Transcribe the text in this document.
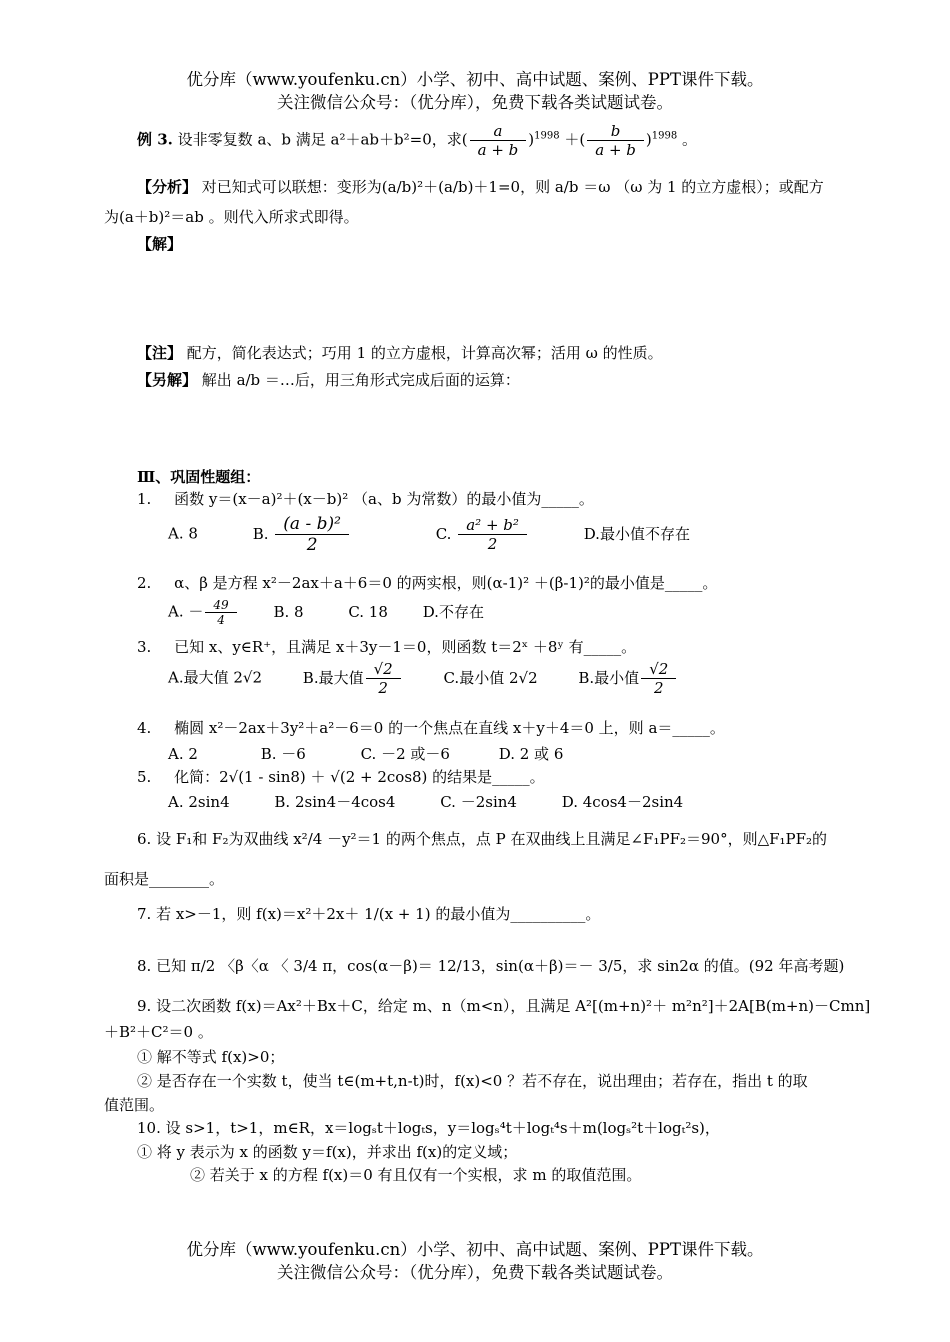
优分库（www.youfenku.cn）小学、初中、高中试题、案例、PPT课件下载。
关注微信公众号：（优分库），免费下载各类试题试卷。
例 3. 设非零复数 a、b 满足 a²＋ab＋b²=0，求( $\frac{a}{a + b} )^{1998}$ ＋( $\frac{b}{a + b} )^{1998}$ 。
【分析】 对已知式可以联想：变形为(a/b)²＋(a/b)＋1=0，则 a/b ＝ω （ω 为 1 的立方虚根）；或配方
为(a＋b)²＝ab 。则代入所求式即得。
【解】
【注】 配方，简化表达式；巧用 1 的立方虚根，计算高次幂；活用 ω 的性质。
【另解】 解出 a/b ＝…后，用三角形式完成后面的运算：
Ⅲ、巩固性题组：
1. 函数 y＝(x－a)²＋(x－b)² （a、b 为常数）的最小值为_____。
A. 8	B. $\frac{\text{(a - b)²}}{2}$	C. $\frac{\text{a² + b²}}{2}$	D.最小值不存在
2. α、β 是方程 x²－2ax＋a＋6＝0 的两实根，则(α-1)² ＋(β-1)²的最小值是_____。
A. － $\frac{49}{4} B$. 8	C. 18 D.不存在
3. 已知 x、y∈R⁺，且满足 x＋3y－1＝0，则函数 t＝2ˣ ＋8ʸ 有_____。
A.最大值 2√2	B.最大值 $\frac{√2}{2}$	C.最小值 2√2	B.最小值 $\frac{√2}{2}$
4. 椭圆 x²－2ax＋3y²＋a²－6＝0 的一个焦点在直线 x＋y＋4＝0 上，则 a＝_____。
A. 2	B. －6	C. －2 或－6	D. 2 或 6
5. 化简：2√(1 - sin8) ＋ √(2 + 2cos8) 的结果是_____。
A. 2sin4	B. 2sin4－4cos4	C. －2sin4	D. 4cos4－2sin4
6. 设 F₁和 F₂为双曲线 x²/4 －y²＝1 的两个焦点，点 P 在双曲线上且满足∠F₁PF₂＝90°，则△F₁PF₂的
面积是________。
7. 若 x>－1，则 f(x)＝x²＋2x＋ 1/(x + 1) 的最小值为__________。
8. 已知 π/2 〈β〈α 〈 3/4 π，cos(α－β)＝ 12/13，sin(α＋β)＝－ 3/5，求 sin2α 的值。(92 年高考题)
9. 设二次函数 f(x)＝Ax²＋Bx＋C，给定 m、n（m<n），且满足 A²[(m+n)²＋ m²n²]＋2A[B(m+n)－Cmn]
＋B²＋C²＝0 。
① 解不等式 f(x)>0；
② 是否存在一个实数 t，使当 t∈(m+t,n-t)时，f(x)<0 ？若不存在，说出理由；若存在，指出 t 的取
值范围。
10. 设 s>1，t>1，m∈R，x＝logₛt＋logₜs，y＝logₛ⁴t＋logₜ⁴s＋m(logₛ²t＋logₜ²s)，
① 将 y 表示为 x 的函数 y＝f(x)，并求出 f(x)的定义域；
② 若关于 x 的方程 f(x)＝0 有且仅有一个实根，求 m 的取值范围。
优分库（www.youfenku.cn）小学、初中、高中试题、案例、PPT课件下载。
关注微信公众号：（优分库），免费下载各类试题试卷。
